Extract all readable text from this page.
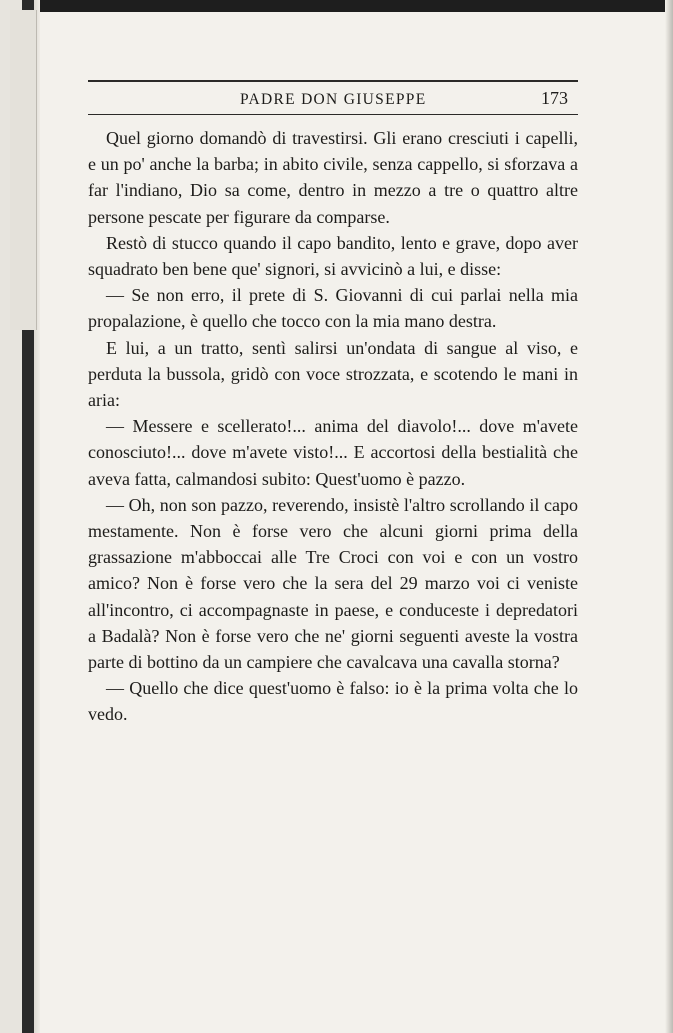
PADRE DON GIUSEPPE	173

Quel giorno domandò di travestirsi. Gli erano cresciuti i capelli, e un po' anche la barba; in abito civile, senza cappello, si sforzava a far l'indiano, Dio sa come, dentro in mezzo a tre o quattro altre persone pescate per figurare da comparse.

Restò di stucco quando il capo bandito, lento e grave, dopo aver squadrato ben bene que' signori, si avvicinò a lui, e disse:

— Se non erro, il prete di S. Giovanni di cui parlai nella mia propalazione, è quello che tocco con la mia mano destra.

E lui, a un tratto, sentì salirsi un'ondata di sangue al viso, e perduta la bussola, gridò con voce strozzata, e scotendo le mani in aria:

— Messere e scellerato!... anima del diavolo!... dove m'avete conosciuto!... dove m'avete visto!... E accortosi della bestialità che aveva fatta, calmandosi subito: Quest'uomo è pazzo.

— Oh, non son pazzo, reverendo, insistè l'altro scrollando il capo mestamente. Non è forse vero che alcuni giorni prima della grassazione m'abboccai alle Tre Croci con voi e con un vostro amico? Non è forse vero che la sera del 29 marzo voi ci veniste all'incontro, ci accompagnaste in paese, e conduceste i depredatori a Badalà? Non è forse vero che ne' giorni seguenti aveste la vostra parte di bottino da un campiere che cavalcava una cavalla storna?

— Quello che dice quest'uomo è falso: io è la prima volta che lo vedo.
